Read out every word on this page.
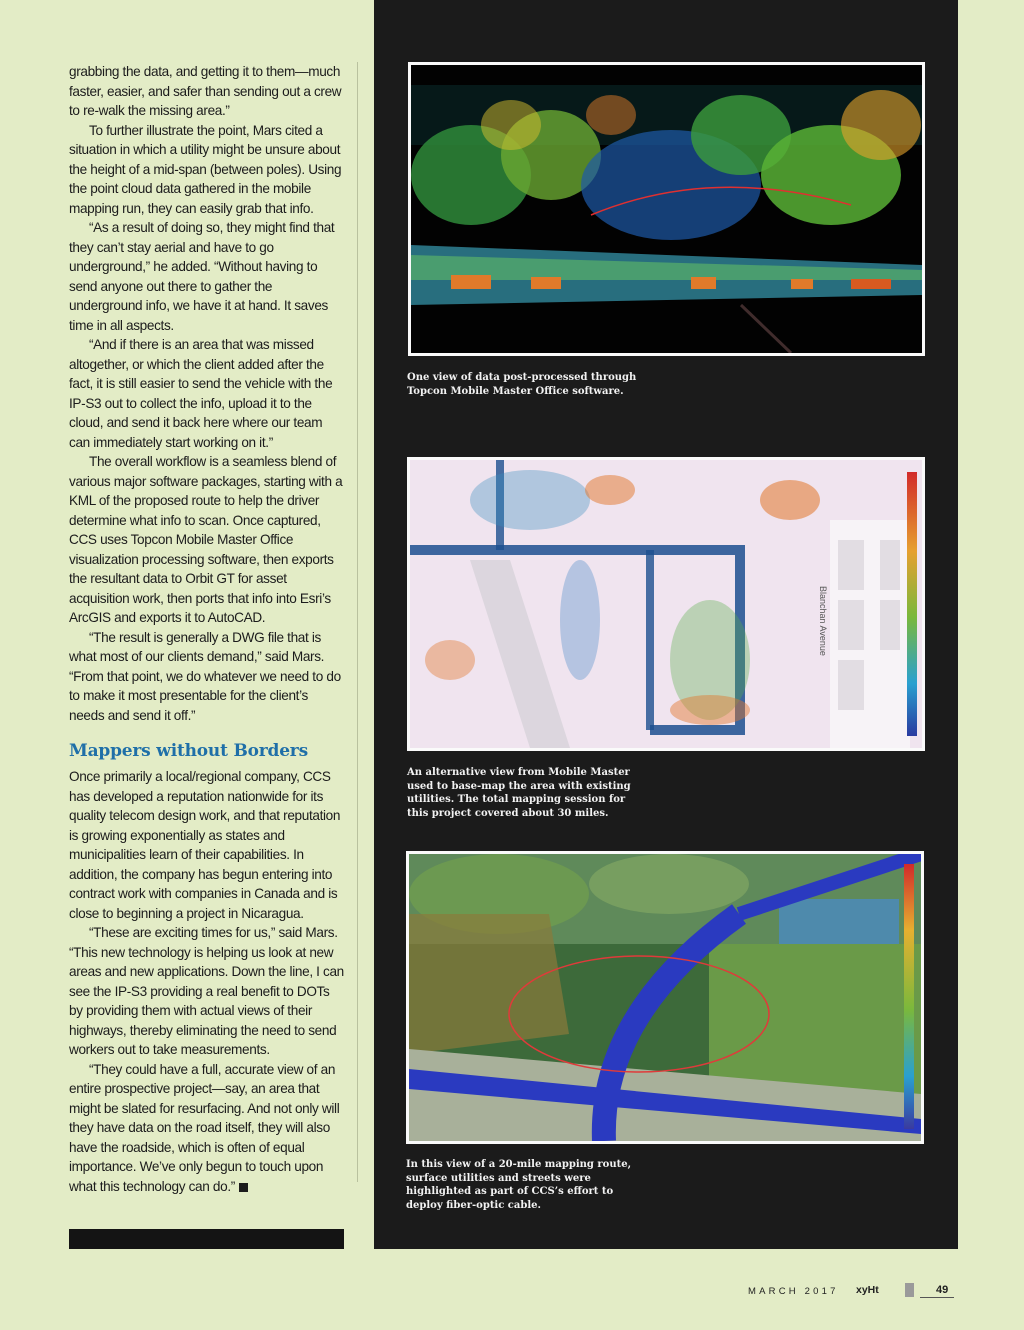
grabbing the data, and getting it to them—much faster, easier, and safer than sending out a crew to re-walk the missing area.”

To further illustrate the point, Mars cited a situation in which a utility might be unsure about the height of a mid-span (between poles). Using the point cloud data gathered in the mobile mapping run, they can easily grab that info.

“As a result of doing so, they might find that they can’t stay aerial and have to go underground,” he added. “Without having to send anyone out there to gather the underground info, we have it at hand. It saves time in all aspects.

“And if there is an area that was missed altogether, or which the client added after the fact, it is still easier to send the vehicle with the IP-S3 out to collect the info, upload it to the cloud, and send it back here where our team can immediately start working on it.”

The overall workflow is a seamless blend of various major software packages, starting with a KML of the proposed route to help the driver determine what info to scan. Once captured, CCS uses Topcon Mobile Master Office visualization processing software, then exports the resultant data to Orbit GT for asset acquisition work, then ports that info into Esri’s ArcGIS and exports it to AutoCAD.

“The result is generally a DWG file that is what most of our clients demand,” said Mars. “From that point, we do whatever we need to do to make it most presentable for the client’s needs and send it off.”

Mappers without Borders

Once primarily a local/regional company, CCS has developed a reputation nationwide for its quality telecom design work, and that reputation is growing exponentially as states and municipalities learn of their capabilities. In addition, the company has begun entering into contract work with companies in Canada and is close to beginning a project in Nicaragua.

“These are exciting times for us,” said Mars. “This new technology is helping us look at new areas and new applications. Down the line, I can see the IP-S3 providing a real benefit to DOTs by providing them with actual views of their highways, thereby eliminating the need to send workers out to take measurements.

“They could have a full, accurate view of an entire prospective project—say, an area that might be slated for resurfacing. And not only will they have data on the road itself, they will also have the roadside, which is often of equal importance. We’ve only begun to touch upon what this technology can do.”

One view of data post-processed through Topcon Mobile Master Office software.

Blanchan Avenue

An alternative view from Mobile Master used to base-map the area with existing utilities. The total mapping session for this project covered about 30 miles.

In this view of a 20-mile mapping route, surface utilities and streets were highlighted as part of CCS’s effort to deploy fiber-optic cable.

MARCH 2017 xyHt	49
